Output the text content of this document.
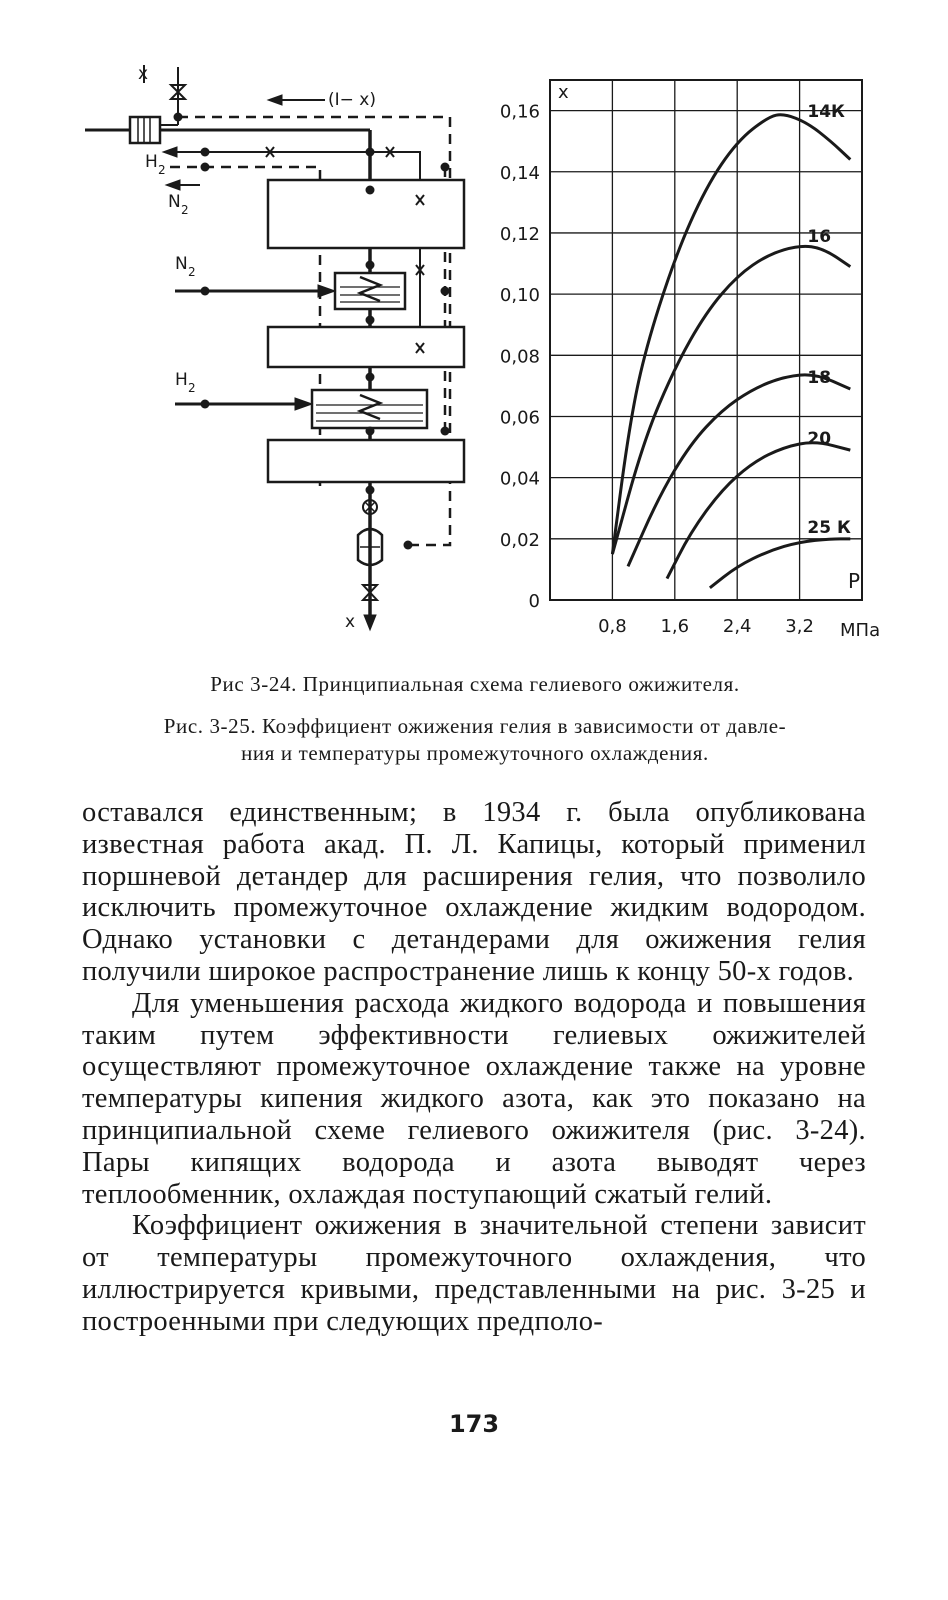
x
(I− x)
H 2
N 2
N 2
H 2
x	0,8 1,6 2,4 3,2
0
0,02
0,04
0,06
0,08
0,10
0,12
0,14
0,16
x
P
МПа
14К
16
18
20
25 К
Рис 3-24. Принципиальная схема гелиевого ожижителя.
Рис. 3-25. Коэффициент ожижения гелия в зависимости от давле-
ния и температуры промежуточного охлаждения.

оставался единственным; в 1934 г. была опубликована известная работа акад. П. Л. Капицы, который применил поршневой детандер для расширения гелия, что позволило исключить промежуточное охлаждение жидким водородом. Однако установки с детандерами для ожижения гелия получили широкое распространение лишь к концу 50-х годов.

Для уменьшения расхода жидкого водорода и повышения таким путем эффективности гелиевых ожижителей осуществляют промежуточное охлаждение также на уровне температуры кипения жидкого азота, как это показано на принципиальной схеме гелиевого ожижителя (рис. 3-24). Пары кипящих водорода и азота выводят через теплообменник, охлаждая поступающий сжатый гелий.

Коэффициент ожижения в значительной степени зависит от температуры промежуточного охлаждения, что иллюстрируется кривыми, представленными на рис. 3-25 и построенными при следующих предполо-

173
